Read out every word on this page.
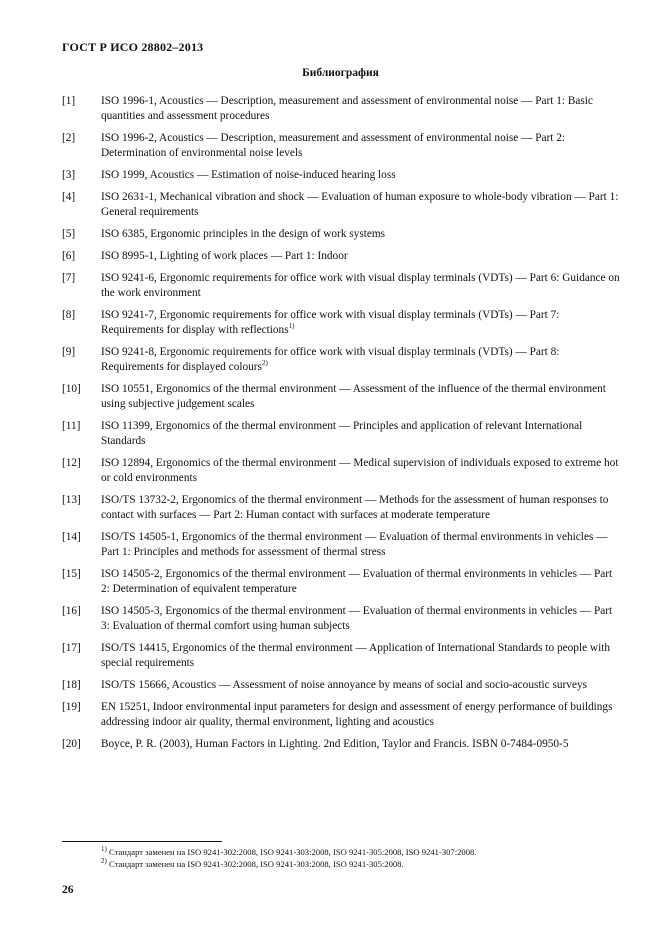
ГОСТ Р ИСО 28802–2013
Библиография
[1]	ISO 1996-1, Acoustics — Description, measurement and assessment of environmental noise — Part 1: Basic quantities and assessment procedures
[2]	ISO 1996-2, Acoustics — Description, measurement and assessment of environmental noise — Part 2: Determination of environmental noise levels
[3]	ISO 1999, Acoustics — Estimation of noise-induced hearing loss
[4]	ISO 2631-1, Mechanical vibration and shock — Evaluation of human exposure to whole-body vibration — Part 1: General requirements
[5]	ISO 6385, Ergonomic principles in the design of work systems
[6]	ISO 8995-1, Lighting of work places — Part 1: Indoor
[7]	ISO 9241-6, Ergonomic requirements for office work with visual display terminals (VDTs) — Part 6: Guidance on the work environment
[8]	ISO 9241-7, Ergonomic requirements for office work with visual display terminals (VDTs) — Part 7: Requirements for display with reflections$^{1)}$
[9]	ISO 9241-8, Ergonomic requirements for office work with visual display terminals (VDTs) — Part 8: Requirements for displayed colours$^{2)}$
[10]	ISO 10551, Ergonomics of the thermal environment — Assessment of the influence of the thermal environment using subjective judgement scales
[11]	ISO 11399, Ergonomics of the thermal environment — Principles and application of relevant International Standards
[12]	ISO 12894, Ergonomics of the thermal environment — Medical supervision of individuals exposed to extreme hot or cold environments
[13]	ISO/TS 13732-2, Ergonomics of the thermal environment — Methods for the assessment of human responses to contact with surfaces — Part 2: Human contact with surfaces at moderate temperature
[14]	ISO/TS 14505-1, Ergonomics of the thermal environment — Evaluation of thermal environments in vehicles — Part 1: Principles and methods for assessment of thermal stress
[15]	ISO 14505-2, Ergonomics of the thermal environment — Evaluation of thermal environments in vehicles — Part 2: Determination of equivalent temperature
[16]	ISO 14505-3, Ergonomics of the thermal environment — Evaluation of thermal environments in vehicles — Part 3: Evaluation of thermal comfort using human subjects
[17]	ISO/TS 14415, Ergonomics of the thermal environment — Application of International Standards to people with special requirements
[18]	ISO/TS 15666, Acoustics — Assessment of noise annoyance by means of social and socio-acoustic surveys
[19]	EN 15251, Indoor environmental input parameters for design and assessment of energy performance of buildings addressing indoor air quality, thermal environment, lighting and acoustics
[20]	Boyce, P. R. (2003), Human Factors in Lighting. 2nd Edition, Taylor and Francis. ISBN 0-7484-0950-5
$^{1)}$ Стандарт заменен на ISO 9241-302:2008, ISO 9241-303:2008, ISO 9241-305:2008, ISO 9241-307:2008.
$^{2)}$ Стандарт заменен на ISO 9241-302:2008, ISO 9241-303:2008, ISO 9241-305:2008.
26
